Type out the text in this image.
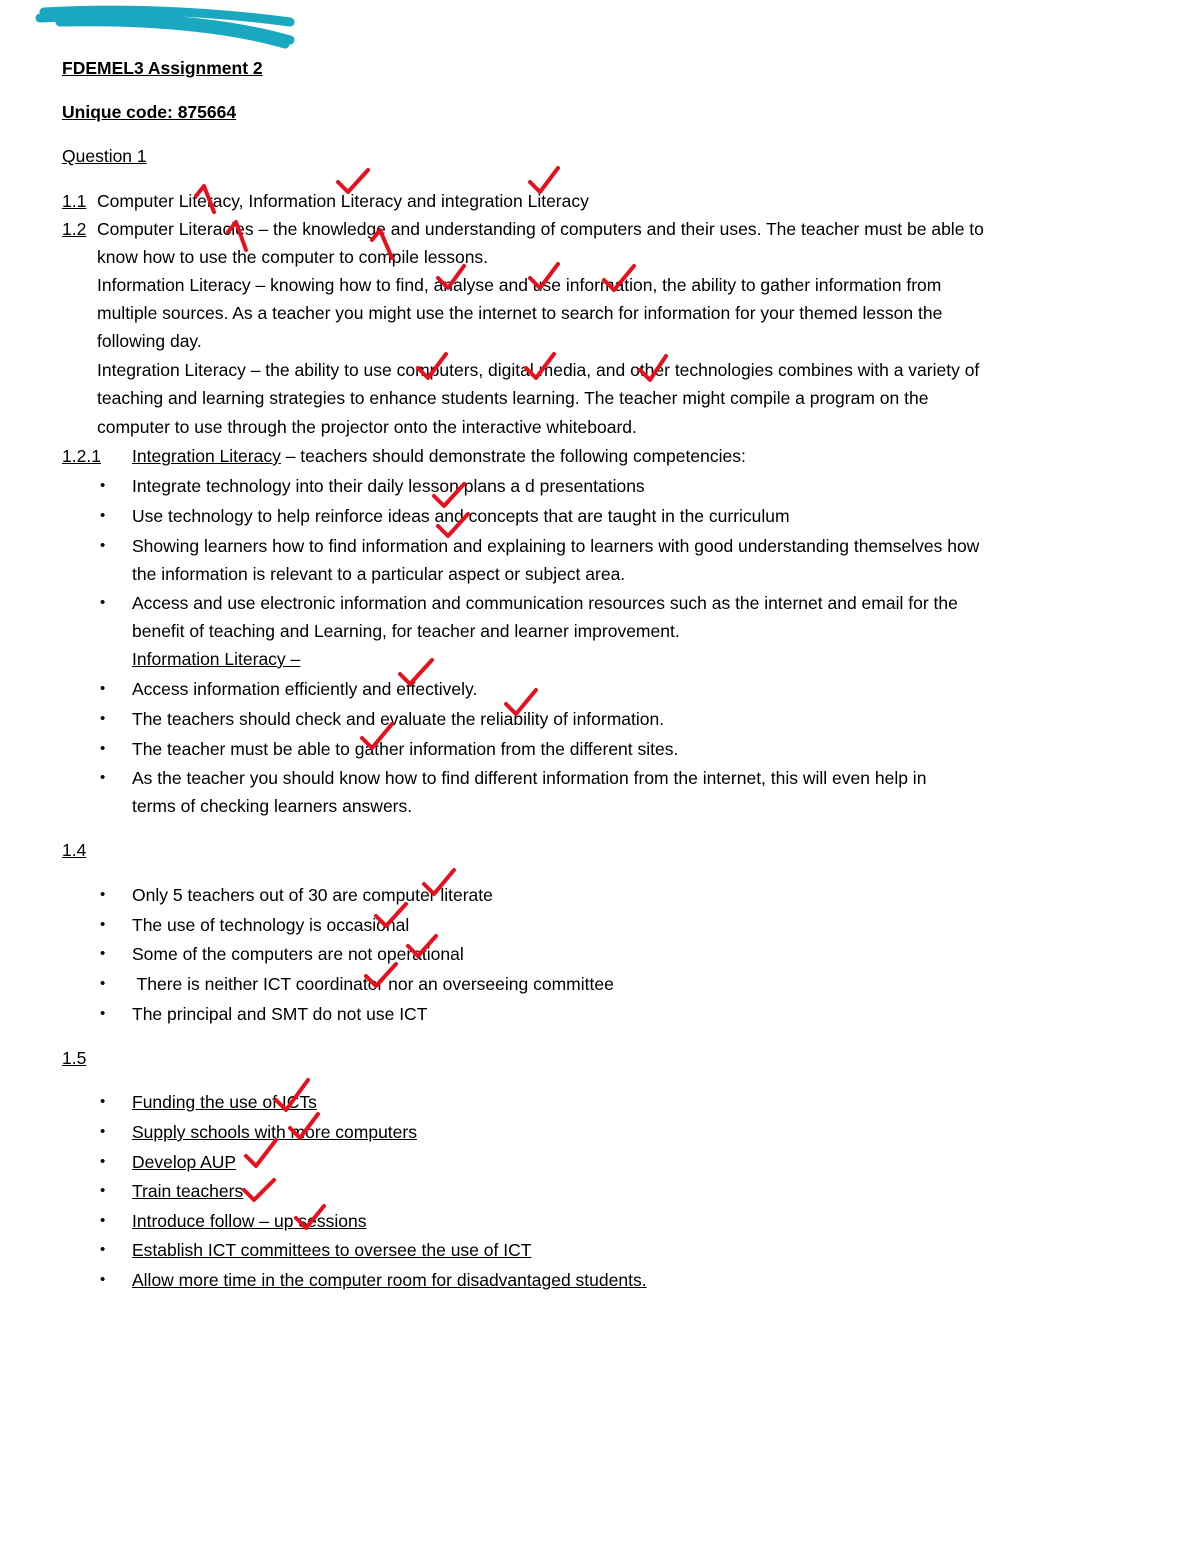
FDEMEL3 Assignment 2
Unique code: 875664
Question 1
1.1 Computer Literacy, Information Literacy and integration Literacy
1.2 Computer Literacies – the knowledge and understanding of computers and their uses. The teacher must be able to
know how to use the computer to compile lessons.
Information Literacy – knowing how to find, analyse and use information, the ability to gather information from
multiple sources. As a teacher you might use the internet to search for information for your themed lesson the
following day.
Integration Literacy – the ability to use computers, digital media, and other technologies combines with a variety of
teaching and learning strategies to enhance students learning. The teacher might compile a program on the
computer to use through the projector onto the interactive whiteboard.
1.2.1 Integration Literacy – teachers should demonstrate the following competencies:
• Integrate technology into their daily lesson plans a d presentations
• Use technology to help reinforce ideas and concepts that are taught in the curriculum
• Showing learners how to find information and explaining to learners with good understanding themselves how
the information is relevant to a particular aspect or subject area.
• Access and use electronic information and communication resources such as the internet and email for the
benefit of teaching and Learning, for teacher and learner improvement.
Information Literacy –
• Access information efficiently and effectively.
• The teachers should check and evaluate the reliability of information.
• The teacher must be able to gather information from the different sites.
• As the teacher you should know how to find different information from the internet, this will even help in
terms of checking learners answers.
1.4
• Only 5 teachers out of 30 are computer literate
• The use of technology is occasional
• Some of the computers are not operational
• There is neither ICT coordinator nor an overseeing committee
• The principal and SMT do not use ICT
1.5
• Funding the use of ICTs
• Supply schools with more computers
• Develop AUP
• Train teachers
• Introduce follow – up sessions
• Establish ICT committees to oversee the use of ICT
• Allow more time in the computer room for disadvantaged students.
